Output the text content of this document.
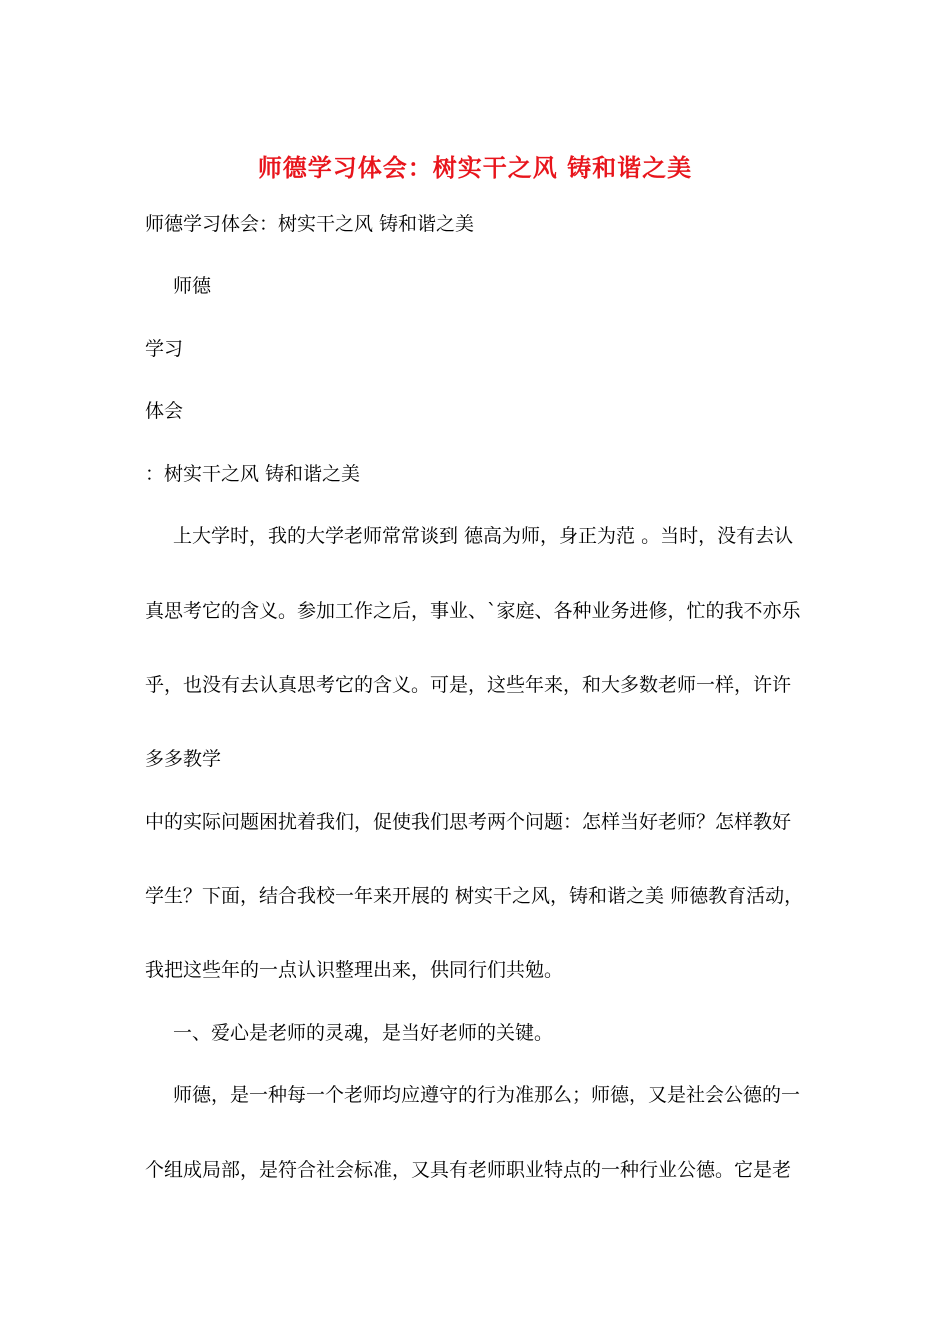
师德学习体会：树实干之风 铸和谐之美
师德学习体会：树实干之风 铸和谐之美
师德
学习
体会
：树实干之风 铸和谐之美
上大学时，我的大学老师常常谈到 德高为师，身正为范 。当时，没有去认
真思考它的含义。参加工作之后，事业、`家庭、各种业务进修，忙的我不亦乐
乎，也没有去认真思考它的含义。可是，这些年来，和大多数老师一样，许许
多多教学
中的实际问题困扰着我们，促使我们思考两个问题：怎样当好老师？怎样教好
学生？下面，结合我校一年来开展的 树实干之风，铸和谐之美 师德教育活动，
我把这些年的一点认识整理出来，供同行们共勉。
一、爱心是老师的灵魂，是当好老师的关键。
师德，是一种每一个老师均应遵守的行为准那么；师德，又是社会公德的一
个组成局部，是符合社会标准，又具有老师职业特点的一种行业公德。它是老
